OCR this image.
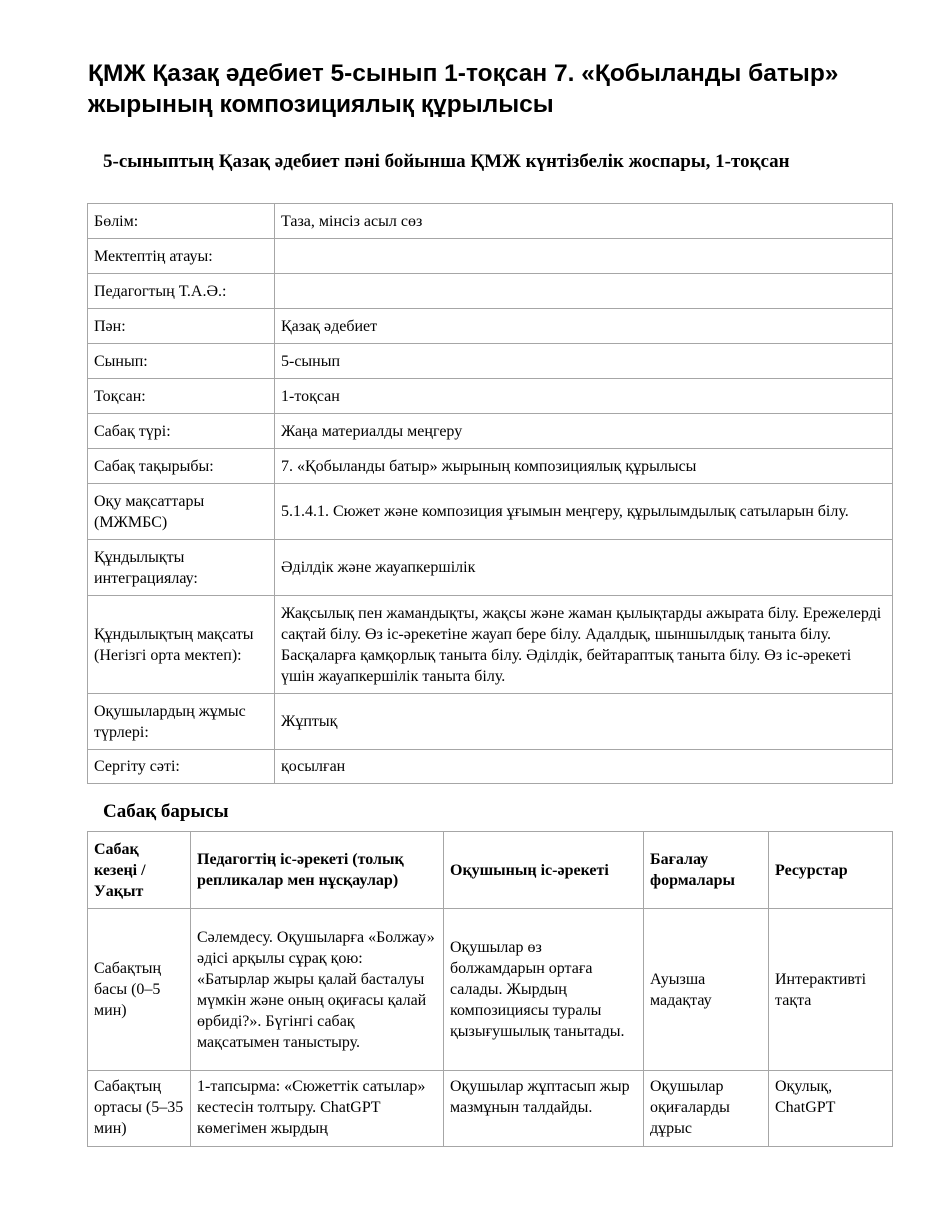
ҚМЖ Қазақ әдебиет 5-сынып 1-тоқсан 7. «Қобыланды батыр» жырының композициялық құрылысы

5-сыныптың Қазақ әдебиет пәні бойынша ҚМЖ күнтізбелік жоспары, 1-тоқсан

Бөлім:	Таза, мінсіз асыл сөз
Мектептің атауы:	
Педагогтың Т.А.Ә.:	
Пән:	Қазақ әдебиет
Сынып:	5-сынып
Тоқсан:	1-тоқсан
Сабақ түрі:	Жаңа материалды меңгеру
Сабақ тақырыбы:	7. «Қобыланды батыр» жырының композициялық құрылысы
Оқу мақсаттары (МЖМБС)	5.1.4.1. Сюжет және композиция ұғымын меңгеру, құрылымдылық сатыларын білу.
Құндылықты интеграциялау:	Әділдік және жауапкершілік
Құндылықтың мақсаты (Негізгі орта мектеп):	Жақсылық пен жамандықты, жақсы және жаман қылықтарды ажырата білу. Ережелерді сақтай білу. Өз іс-әрекетіне жауап бере білу. Адалдық, шыншылдық таныта білу. Басқаларға қамқорлық таныта білу. Әділдік, бейтараптық таныта білу. Өз іс-әрекеті үшін жауапкершілік таныта білу.
Оқушылардың жұмыс түрлері:	Жұптық
Сергіту сәті:	қосылған

Сабақ барысы

Сабақ кезеңі / Уақыт	Педагогтің іс-әрекеті (толық репликалар мен нұсқаулар)	Оқушының іс-әрекеті	Бағалау формалары	Ресурстар
Сабақтың басы (0–5 мин)	Сәлемдесу. Оқушыларға «Болжау» әдісі арқылы сұрақ қою: «Батырлар жыры қалай басталуы мүмкін және оның оқиғасы қалай өрбиді?». Бүгінгі сабақ мақсатымен таныстыру.	Оқушылар өз болжамдарын ортаға салады. Жырдың композициясы туралы қызығушылық танытады.	Ауызша мадақтау	Интерактивті тақта
Сабақтың ортасы (5–35 мин)	1-тапсырма: «Сюжеттік сатылар» кестесін толтыру. ChatGPT көмегімен жырдың	Оқушылар жұптасып жыр мазмұнын талдайды.	Оқушылар оқиғаларды дұрыс	Оқулық, ChatGPT
